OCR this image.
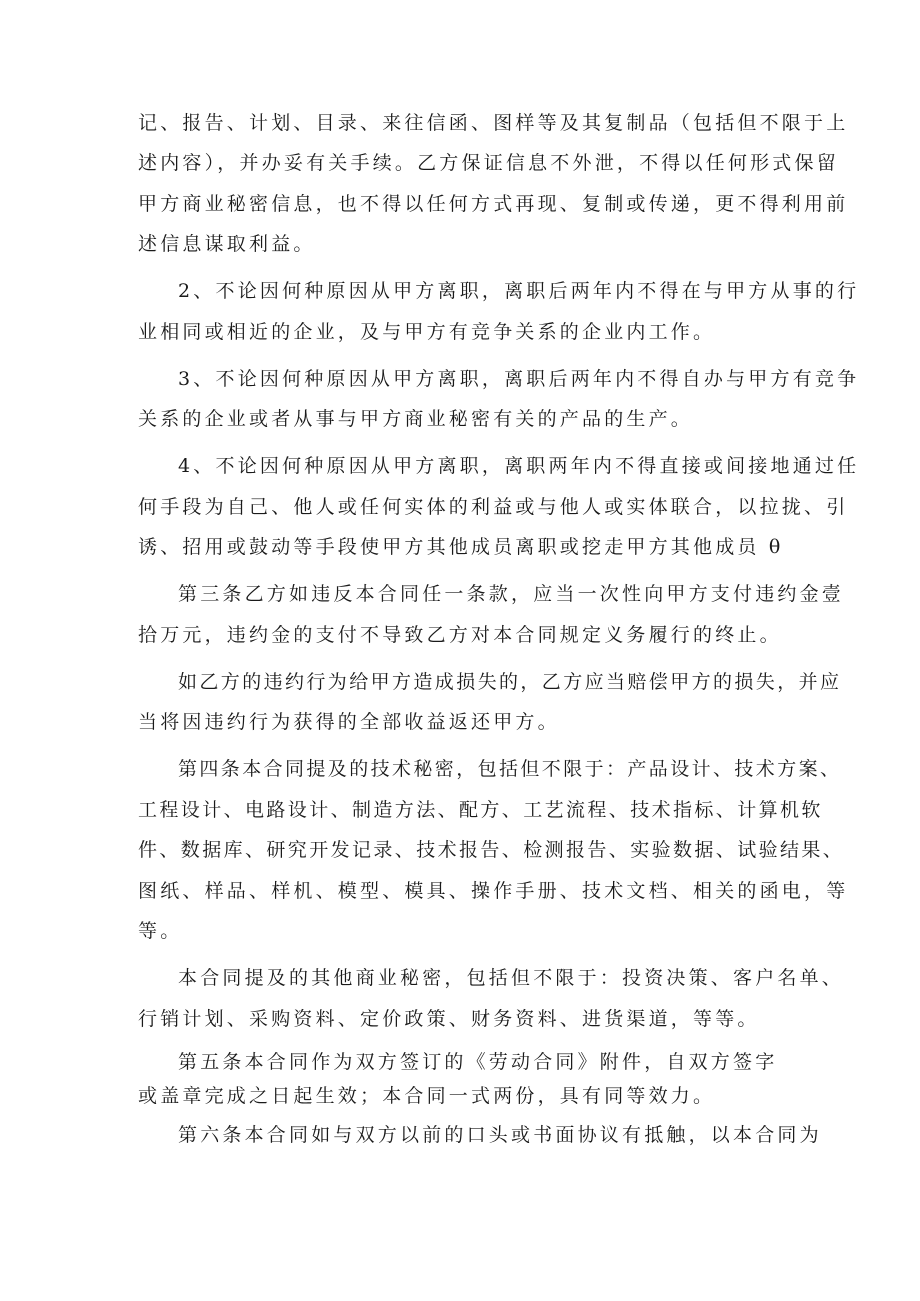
记、报告、计划、目录、来往信函、图样等及其复制品（包括但不限于上
述内容），并办妥有关手续。乙方保证信息不外泄，不得以任何形式保留
甲方商业秘密信息，也不得以任何方式再现、复制或传递，更不得利用前
述信息谋取利益。
2、不论因何种原因从甲方离职，离职后两年内不得在与甲方从事的行
业相同或相近的企业，及与甲方有竞争关系的企业内工作。
3、不论因何种原因从甲方离职，离职后两年内不得自办与甲方有竞争
关系的企业或者从事与甲方商业秘密有关的产品的生产。
4、不论因何种原因从甲方离职，离职两年内不得直接或间接地通过任
何手段为自己、他人或任何实体的利益或与他人或实体联合，以拉拢、引
诱、招用或鼓动等手段使甲方其他成员离职或挖走甲方其他成员 θ
第三条乙方如违反本合同任一条款，应当一次性向甲方支付违约金壹
拾万元，违约金的支付不导致乙方对本合同规定义务履行的终止。
如乙方的违约行为给甲方造成损失的，乙方应当赔偿甲方的损失，并应
当将因违约行为获得的全部收益返还甲方。
第四条本合同提及的技术秘密，包括但不限于：产品设计、技术方案、
工程设计、电路设计、制造方法、配方、工艺流程、技术指标、计算机软
件、数据库、研究开发记录、技术报告、检测报告、实验数据、试验结果、
图纸、样品、样机、模型、模具、操作手册、技术文档、相关的函电，等
等。
本合同提及的其他商业秘密，包括但不限于：投资决策、客户名单、
行销计划、采购资料、定价政策、财务资料、进货渠道，等等。
第五条本合同作为双方签订的《劳动合同》附件，自双方签字
或盖章完成之日起生效；本合同一式两份，具有同等效力。
第六条本合同如与双方以前的口头或书面协议有抵触，以本合同为
